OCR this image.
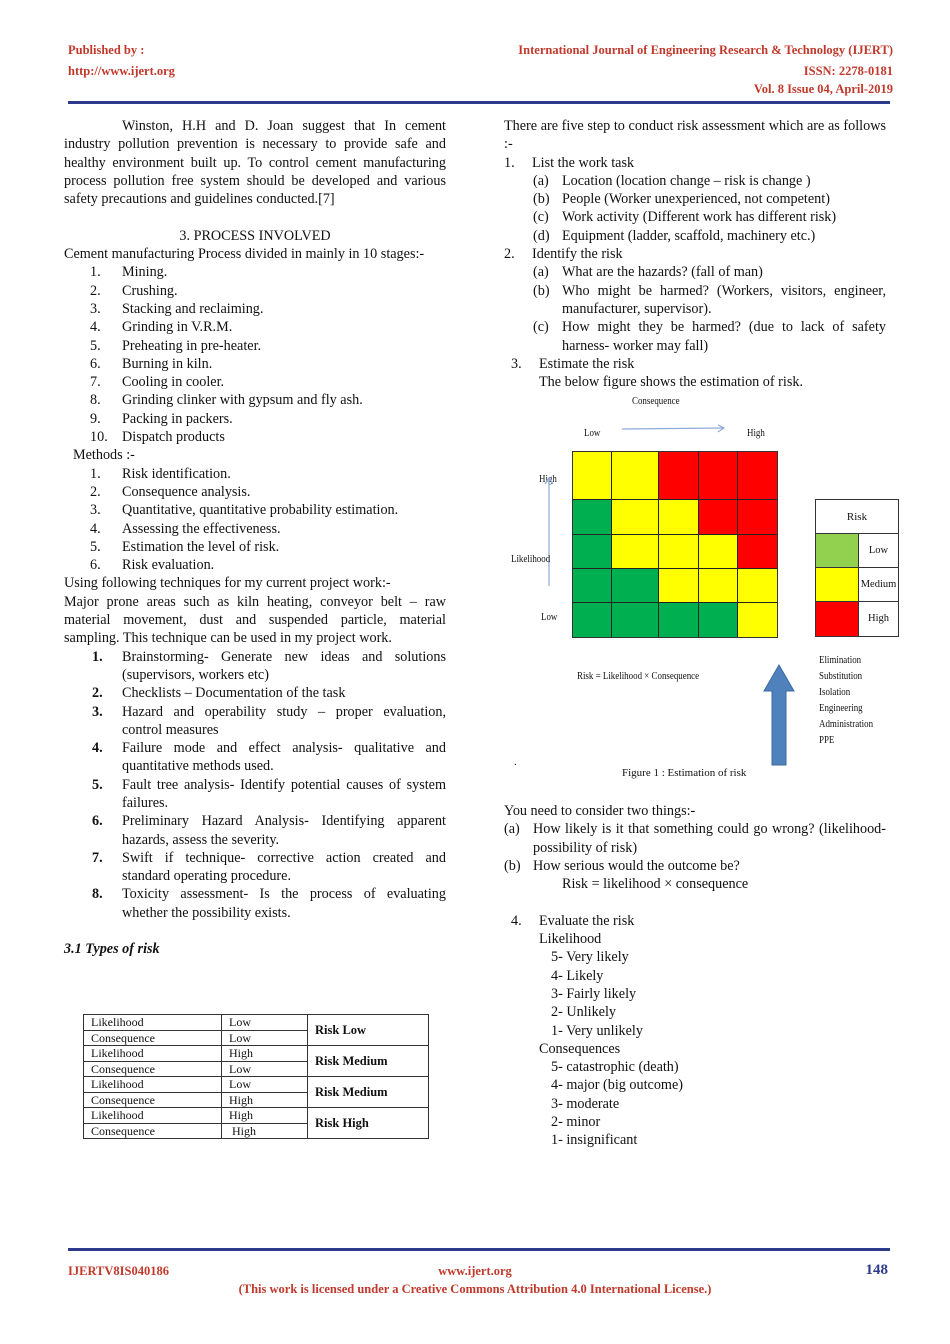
Published by :
http://www.ijert.org
International Journal of Engineering Research & Technology (IJERT)
ISSN: 2278-0181
Vol. 8 Issue 04, April-2019

Winston, H.H and D. Joan suggest that In cement industry pollution prevention is necessary to provide safe and healthy environment built up. To control cement manufacturing process pollution free system should be developed and various safety precautions and guidelines conducted.[7]

3. PROCESS INVOLVED

Cement manufacturing Process divided in mainly in 10 stages:-

1.	Mining.
2.	Crushing.
3.	Stacking and reclaiming.
4.	Grinding in V.R.M.
5.	Preheating in pre-heater.
6.	Burning in kiln.
7.	Cooling in cooler.
8.	Grinding clinker with gypsum and fly ash.
9.	Packing in packers.
10.	Dispatch products

Methods :-

1.	Risk identification.
2.	Consequence analysis.
3.	Quantitative, quantitative probability estimation.
4.	Assessing the effectiveness.
5.	Estimation the level of risk.
6.	Risk evaluation.

Using following techniques for my current project work:-

Major prone areas such as kiln heating, conveyor belt – raw material movement, dust and suspended particle, material sampling. This technique can be used in my project work.

1.	Brainstorming- Generate new ideas and solutions (supervisors, workers etc)
2.	Checklists – Documentation of the task
3.	Hazard and operability study – proper evaluation, control measures
4.	Failure mode and effect analysis- qualitative and quantitative methods used.
5.	Fault tree analysis- Identify potential causes of system failures.
6.	Preliminary Hazard Analysis- Identifying apparent hazards, assess the severity.
7.	Swift if technique- corrective action created and standard operating procedure.
8.	Toxicity assessment- Is the process of evaluating whether the possibility exists.

3.1 Types of risk

Likelihood	Low	Risk Low
Consequence	Low	
Likelihood	High	Risk Medium
Consequence	Low	
Likelihood	Low	Risk Medium
Consequence	High	
Likelihood	High	Risk High
Consequence	High	

There are five step to conduct risk assessment which are as follows :-

1.	List the work task
(a) Location (location change – risk is change )
(b) People (Worker unexperienced, not competent)
(c) Work activity (Different work has different risk)
(d) Equipment (ladder, scaffold, machinery etc.)
2.	Identify the risk
(a) What are the hazards? (fall of man)
(b) Who might be harmed? (Workers, visitors, engineer, manufacturer, supervisor).
(c) How might they be harmed? (due to lack of safety harness- worker may fall)
3.	Estimate the risk

The below figure shows the estimation of risk.

Consequence
Low	High
High
Likelihood
Low
Risk
Low
Medium
High
Risk = Likelihood × Consequence
Elimination
Substitution
Isolation
Engineering
Administration
PPE
.
Figure 1 : Estimation of risk

You need to consider two things:-

(a) How likely is it that something could go wrong? (likelihood- possibility of risk)
(b) How serious would the outcome be?

Risk = likelihood × consequence

4.	Evaluate the risk

Likelihood

5- Very likely

4- Likely

3- Fairly likely

2- Unlikely

1- Very unlikely

Consequences

5- catastrophic (death)

4- major (big outcome)

3- moderate

2- minor

1- insignificant

www.ijert.org
IJERTV8IS040186	148
(This work is licensed under a Creative Commons Attribution 4.0 International License.)
